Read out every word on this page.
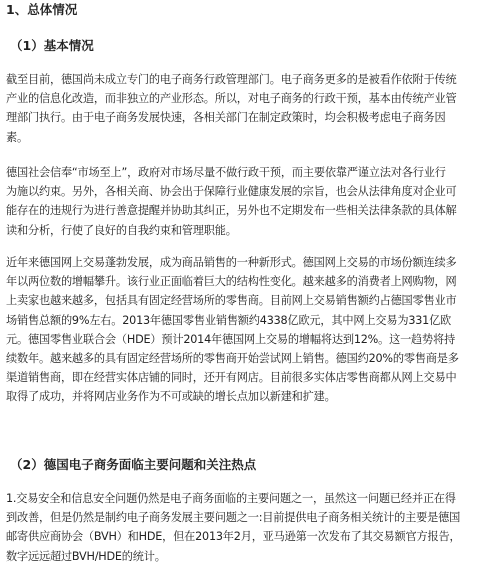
1、总体情况
（1）基本情况
截至目前，德国尚未成立专门的电子商务行政管理部门。电子商务更多的是被看作依附于传统
产业的信息化改造，而非独立的产业形态。所以，对电子商务的行政干预，基本由传统产业管
理部门执行。由于电子商务发展快速，各相关部门在制定政策时，均会积极考虑电子商务因
素。
德国社会信奉“市场至上”，政府对市场尽量不做行政干预，而主要依靠严谨立法对各行业行
为施以约束。另外，各相关商、协会出于保障行业健康发展的宗旨，也会从法律角度对企业可
能存在的违规行为进行善意提醒并协助其纠正，另外也不定期发布一些相关法律条款的具体解
读和分析，行使了良好的自我约束和管理职能。
近年来德国网上交易蓬勃发展，成为商品销售的一种新形式。德国网上交易的市场份额连续多
年以两位数的增幅攀升。该行业正面临着巨大的结构性变化。越来越多的消费者上网购物，网
上卖家也越来越多，包括具有固定经营场所的零售商。目前网上交易销售额约占德国零售业市
场销售总额的9%左右。2013年德国零售业销售额约4338亿欧元，其中网上交易为331亿欧
元。德国零售业联合会（HDE）预计2014年德国网上交易的增幅将达到12%。这一趋势将持
续数年。越来越多的具有固定经营场所的零售商开始尝试网上销售。德国约20%的零售商是多
渠道销售商，即在经营实体店铺的同时，还开有网店。目前很多实体店零售商都从网上交易中
取得了成功，并将网店业务作为不可或缺的增长点加以新建和扩建。
（2）德国电子商务面临主要问题和关注热点
1.交易安全和信息安全问题仍然是电子商务面临的主要问题之一，虽然这一问题已经并正在得
到改善，但是仍然是制约电子商务发展主要问题之一:目前提供电子商务相关统计的主要是德国
邮寄供应商协会（BVH）和HDE，但在2013年2月，亚马逊第一次发布了其交易额官方报告，
数字远远超过BVH/HDE的统计。
